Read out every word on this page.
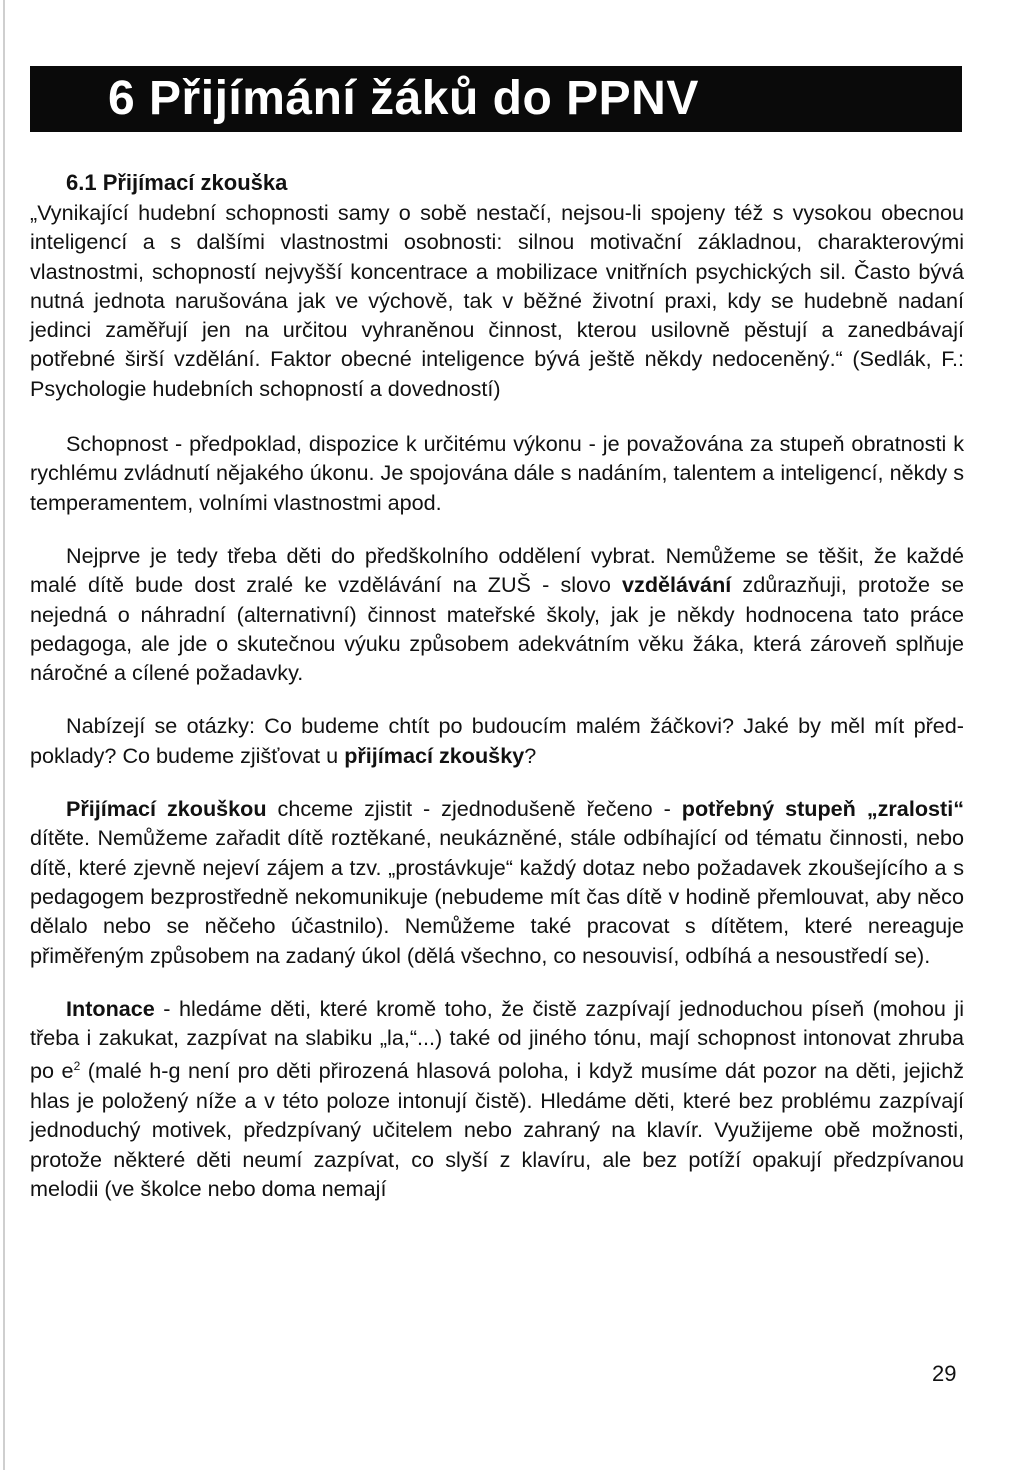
6 Přijímání žáků do PPNV
6.1 Přijímací zkouška

„Vynikající hudební schopnosti samy o sobě nestačí, nejsou-li spojeny též s vysokou obecnou inteligencí a s dalšími vlastnostmi osobnosti: silnou motivační základnou, charakterovými vlastnostmi, schopností nejvyšší koncentrace a mobilizace vnitřních psychických sil. Často bývá nutná jednota narušována jak ve výchově, tak v běžné životní praxi, kdy se hudebně nadaní jedinci zaměřují jen na určitou vyhraněnou činnost, kterou usilovně pěstují a zanedbávají potřebné širší vzdělání. Faktor obecné inteligence bývá ještě někdy nedoceněný.“ (Sedlák, F.: Psychologie hudebních schopností a dovedností)

Schopnost - předpoklad, dispozice k určitému výkonu - je považována za stupeň obratnosti k rychlému zvládnutí nějakého úkonu. Je spojována dále s nadáním, talentem a inteligencí, někdy s temperamentem, volními vlastnostmi apod.

Nejprve je tedy třeba děti do předškolního oddělení vybrat. Nemůžeme se těšit, že každé malé dítě bude dost zralé ke vzdělávání na ZUŠ - slovo vzdělávání zdůrazňuji, protože se nejedná o náhradní (alternativní) činnost mateřské školy, jak je někdy hodnocena tato práce pedagoga, ale jde o skutečnou výuku způsobem adekvátním věku žáka, která zároveň splňuje náročné a cílené požadavky.

Nabízejí se otázky: Co budeme chtít po budoucím malém žáčkovi? Jaké by měl mít předpoklady? Co budeme zjišťovat u přijímací zkoušky?

Přijímací zkouškou chceme zjistit - zjednodušeně řečeno - potřebný stupeň „zralosti“ dítěte. Nemůžeme zařadit dítě roztěkané, neukázněné, stále odbíhající od tématu činnosti, nebo dítě, které zjevně nejeví zájem a tzv. „prostávkuje“ každý dotaz nebo požadavek zkoušejícího a s pedagogem bezprostředně nekomunikuje (nebudeme mít čas dítě v hodině přemlouvat, aby něco dělalo nebo se něčeho účastnilo). Nemůžeme také pracovat s dítětem, které nereaguje přiměřeným způsobem na zadaný úkol (dělá všechno, co nesouvisí, odbíhá a nesoustředí se).

Intonace - hledáme děti, které kromě toho, že čistě zazpívají jednoduchou píseň (mohou ji třeba i zakukat, zazpívat na slabiku „la,“...) také od jiného tónu, mají schopnost intonovat zhruba po $e^2$ (malé h-g není pro děti přirozená hlasová poloha, i když musíme dát pozor na děti, jejichž hlas je položený níže a v této poloze intonují čistě). Hledáme děti, které bez problému zazpívají jednoduchý motivek, předzpívaný učitelem nebo zahraný na klavír. Využijeme obě možnosti, protože některé děti neumí zazpívat, co slyší z klavíru, ale bez potíží opakují předzpívanou melodii (ve školce nebo doma nemají

29
